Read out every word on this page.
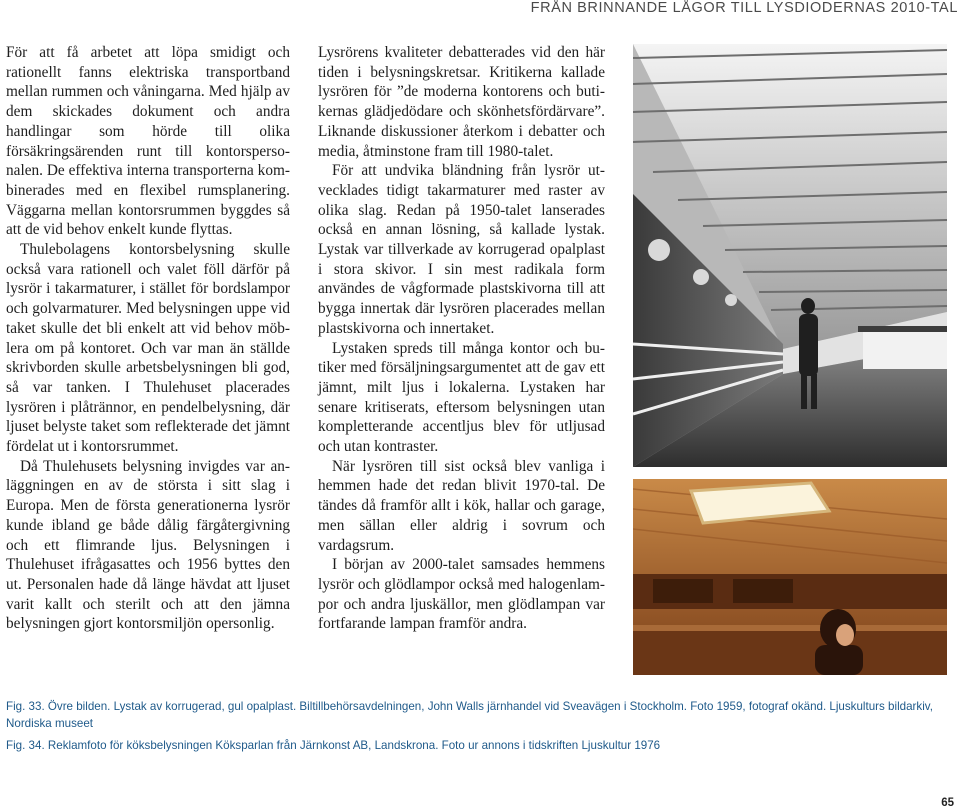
FRÅN BRINNANDE LÅGOR TILL LYSDIODERNAS 2010-TAL

För att få arbetet att löpa smidigt och rationellt fanns elektriska transportband mellan rummen och våningarna. Med hjälp av dem skickades dokument och andra handlingar som hörde till olika försäkringsärenden runt till kontorspersonalen. De effektiva interna transporterna kombinerades med en flexibel rumsplanering. Väggarna mellan kontorsrummen byggdes så att de vid behov enkelt kunde flyttas.

Thulebolagens kontorsbelysning skulle också vara rationell och valet föll därför på lysrör i takarmaturer, i stället för bordslampor och golvarmaturer. Med belysningen uppe vid taket skulle det bli enkelt att vid behov möblera om på kontoret. Och var man än ställde skrivborden skulle arbetsbelysningen bli god, så var tanken. I Thulehuset placerades lysrören i plåtrännor, en pendelbelysning, där ljuset belyste taket som reflekterade det jämnt fördelat ut i kontorsrummet.

Då Thulehusets belysning invigdes var anläggningen en av de största i sitt slag i Europa. Men de första generationerna lysrör kunde ibland ge både dålig färgåtergivning och ett flimrande ljus. Belysningen i Thulehuset ifrågasattes och 1956 byttes den ut. Personalen hade då länge hävdat att ljuset varit kallt och sterilt och att den jämna belysningen gjort kontorsmiljön opersonlig.

Lysrörens kvaliteter debatterades vid den här tiden i belysningskretsar. Kritikerna kallade lysrören för ”de moderna kontorens och butikernas glädjedödare och skönhetsfördärvare”. Liknande diskussioner återkom i debatter och media, åtminstone fram till 1980-talet.

För att undvika bländning från lysrör utvecklades tidigt takarmaturer med raster av olika slag. Redan på 1950-talet lanserades också en annan lösning, så kallade lystak. Lystak var tillverkade av korrugerad opalplast i stora skivor. I sin mest radikala form användes de vågformade plastskivorna till att bygga innertak där lysrören placerades mellan plastskivorna och innertaket.

Lystaken spreds till många kontor och butiker med försäljningsargumentet att de gav ett jämnt, milt ljus i lokalerna. Lystaken har senare kritiserats, eftersom belysningen utan kompletterande accentljus blev för utljusad och utan kontraster.

När lysrören till sist också blev vanliga i hemmen hade det redan blivit 1970-tal. De tändes då framför allt i kök, hallar och garage, men sällan eller aldrig i sovrum och vardagsrum.

I början av 2000-talet samsades hemmens lysrör och glödlampor också med halogenlampor och andra ljuskällor, men glödlampan var fortfarande lampan framför andra.

Fig. 33. Övre bilden. Lystak av korrugerad, gul opalplast. Biltillbehörsavdelningen, John Walls järnhandel vid Sveavägen i Stockholm. Foto 1959, fotograf okänd. Ljuskulturs bildarkiv, Nordiska museet

Fig. 34. Reklamfoto för köksbelysningen Köksparlan från Järnkonst AB, Landskrona. Foto ur annons i tidskriften Ljuskultur 1976

65
